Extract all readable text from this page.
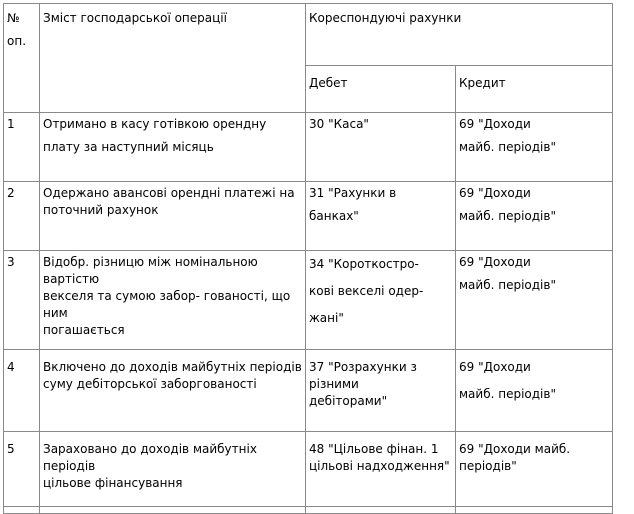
№
оп.	Зміст господарської операції	Кореспондуючі рахунки	

		Дебет	Кредит

1	Отримано в касу готівкою орендну
плату за наступний місяць	30 "Каса"	69 "Доходи
майб. періодів"

2	Одержано авансові орендні платежі на
поточний рахунок	31 "Рахунки в
банках"	69 "Доходи
майб. періодів"

3	Відобр. різницю між номінальною вартістю
векселя та сумою забор- гованості, що ним
погашається	34 "Короткостро-
кові векселі одер-
жані"	69 "Доходи
майб. періодів"

4	Включено до доходів майбутніх періодів
суму дебіторської заборгованості	37 "Розрахунки з різними
дебіторами"	69 "Доходи
майб. періодів"

5	Зараховано до доходів майбутніх періодів
цільове фінансування	48 "Цільове фінан. 1
цільові надходження"	69 "Доходи майб.
періодів"
